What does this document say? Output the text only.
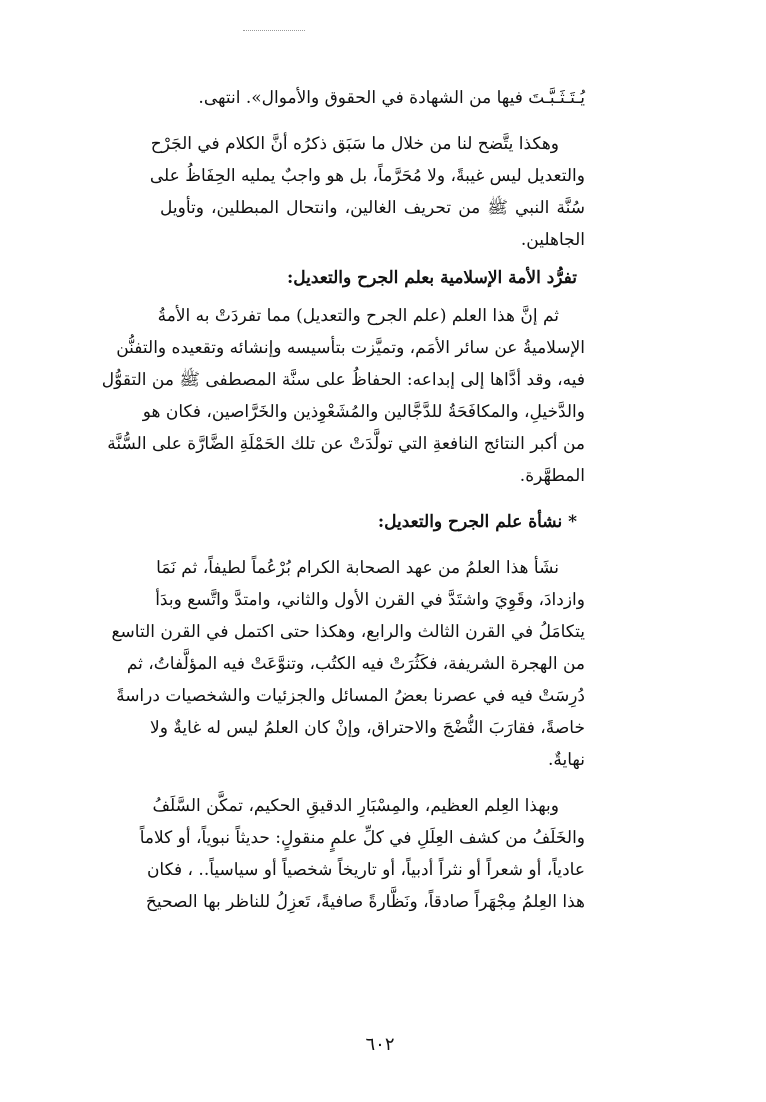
يُـتَـثَـبَّـتَ فيها من الشهادة في الحقوق والأموال». انتهى.
وهكذا يتَّضح لنا من خلال ما سَبَق ذكرُه أنَّ الكلام في الجَرْح
والتعديل ليس غيبةً، ولا مُحَرَّماً، بل هو واجبٌ يمليه الحِفَاظُ على
سُنَّة النبي ﷺ من تحريف الغالين، وانتحال المبطلين، وتأويل
الجاهلين.
تفرُّد الأمة الإسلامية بعلم الجرح والتعديل:
ثم إنَّ هذا العلم (علم الجرح والتعديل) مما تفردَتْ به الأمةُ
الإسلاميةُ عن سائر الأمَم، وتميَّزت بتأسيسه وإنشائه وتقعيده والتفنُّن
فيه، وقد أدَّاها إلى إبداعه: الحفاظُ على سنَّة المصطفى ﷺ من التقوُّل
والدَّخيلِ، والمكافَحَةُ للدَّجَّالين والمُشَعْوِذين والخَرَّاصين، فكان هو
من أكبر النتائج النافعةِ التي تولَّدَتْ عن تلك الحَمْلَةِ الضَّارَّة على السُّنَّة
المطهَّرة.
* نشأة علم الجرح والتعديل:
نشَأ هذا العلمُ من عهد الصحابة الكرام بُرْعُماً لطيفاً، ثم نَمَا
وازدادَ، وقَوِيَ واشتَدَّ في القرن الأول والثاني، وامتدَّ واتَّسع وبدَأ
يتكامَلُ في القرن الثالث والرابع، وهكذا حتى اكتمل في القرن التاسع
من الهجرة الشريفة، فكَثُرَتْ فيه الكتُب، وتنوَّعَتْ فيه المؤلَّفاتُ، ثم
دُرِسَتْ فيه في عصرنا بعضُ المسائل والجزئيات والشخصيات دراسةً
خاصةً، فقارَبَ النُّضْجَ والاحتراق، وإنْ كان العلمُ ليس له غايةٌ ولا
نهايةٌ.
وبهذا العِلم العظيم، والمِسْبَارِ الدقيقِ الحكيم، تمكَّن السَّلَفُ
والخَلَفُ من كشف العِلَلِ في كلِّ علمٍ منقولٍ: حديثاً نبوياً، أو كلاماً
عادياً، أو شعراً أو نثراً أدبياً، أو تاريخاً شخصياً أو سياسياً.. ، فكان
هذا العِلمُ مِجْهَراً صادقاً، ونَظَّارةً صافيةً، تَعزِلُ للناظر بها الصحيحَ
٦٠٢
